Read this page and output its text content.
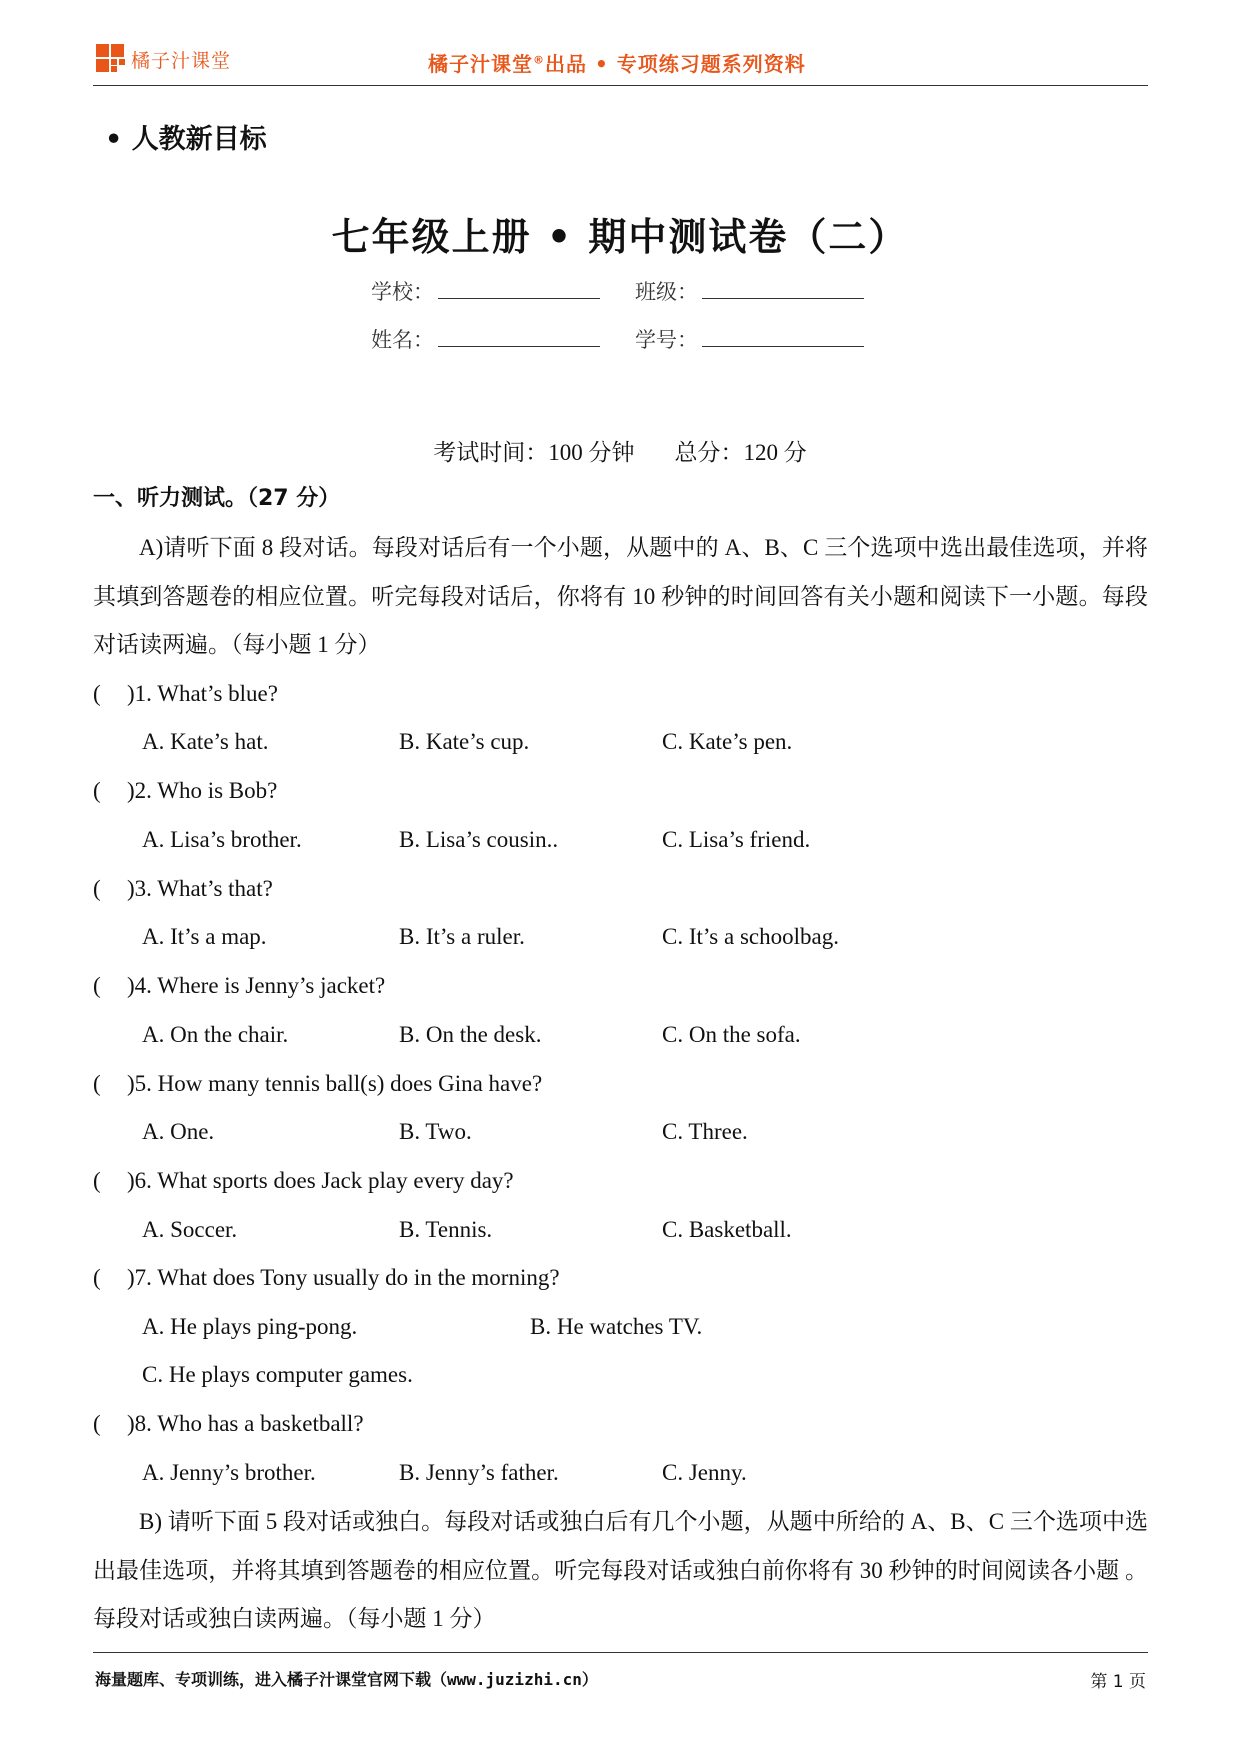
橘子汁课堂	橘子汁课堂®出品 • 专项练习题系列资料
• 人教新目标
七年级上册 • 期中测试卷（二）
学校：	班级：
姓名：	学号：
考试时间：100 分钟 总分：120 分
一、听力测试。（27 分）
A)请听下面 8 段对话。每段对话后有一个小题，从题中的 A、B、C 三个选项中选出最佳选项，并将其填到答题卷的相应位置。听完每段对话后，你将有 10 秒钟的时间回答有关小题和阅读下一小题。每段对话读两遍。（每小题 1 分）
( )1. What’s blue?
A. Kate’s hat.	B. Kate’s cup.	C. Kate’s pen.
( )2. Who is Bob?
A. Lisa’s brother.	B. Lisa’s cousin..	C. Lisa’s friend.
( )3. What’s that?
A. It’s a map.	B. It’s a ruler.	C. It’s a schoolbag.
( )4. Where is Jenny’s jacket?
A. On the chair.	B. On the desk.	C. On the sofa.
( )5. How many tennis ball(s) does Gina have?
A. One.	B. Two.	C. Three.
( )6. What sports does Jack play every day?
A. Soccer.	B. Tennis.	C. Basketball.
( )7. What does Tony usually do in the morning?
A. He plays ping-pong.	B. He watches TV.
C. He plays computer games.
( )8. Who has a basketball?
A. Jenny’s brother.	B. Jenny’s father.	C. Jenny.
B) 请听下面 5 段对话或独白。每段对话或独白后有几个小题，从题中所给的 A、B、C 三个选项中选出最佳选项，并将其填到答题卷的相应位置。听完每段对话或独白前你将有 30 秒钟的时间阅读各小题 。每段对话或独白读两遍。（每小题 1 分）
海量题库、专项训练，进入橘子汁课堂官网下载（www.juzizhi.cn）	第 1 页
